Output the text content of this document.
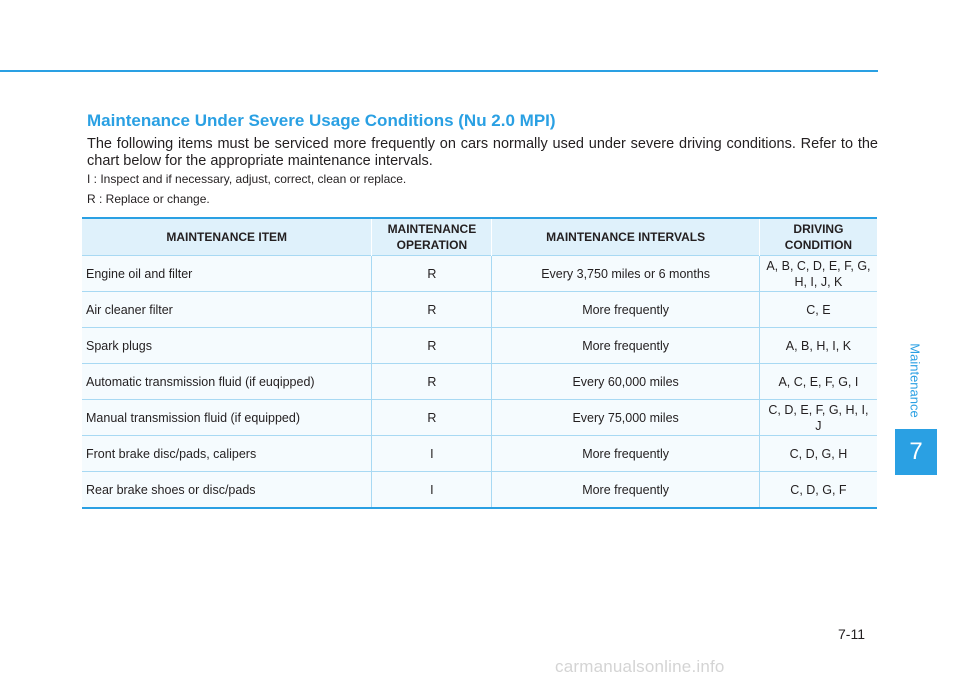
Maintenance
7
Maintenance Under Severe Usage Conditions (Nu 2.0 MPI)
The following items must be serviced more frequently on cars normally used under severe driving conditions. Refer to the chart below for the appropriate maintenance intervals.
I : Inspect and if necessary, adjust, correct, clean or replace.
R : Replace or change.
MAINTENANCE ITEM	MAINTENANCE OPERATION	MAINTENANCE INTERVALS	DRIVING CONDITION
Engine oil and filter	R	Every 3,750 miles or 6 months	A, B, C, D, E, F, G, H, I, J, K
Air cleaner filter	R	More frequently	C, E
Spark plugs	R	More frequently	A, B, H, I, K
Automatic transmission fluid (if euqipped)	R	Every 60,000 miles	A, C, E, F, G, I
Manual transmission fluid (if equipped)	R	Every 75,000 miles	C, D, E, F, G, H, I, J
Front brake disc/pads, calipers	I	More frequently	C, D, G, H
Rear brake shoes or disc/pads	I	More frequently	C, D, G, F
7-11
carmanualsonline.info
